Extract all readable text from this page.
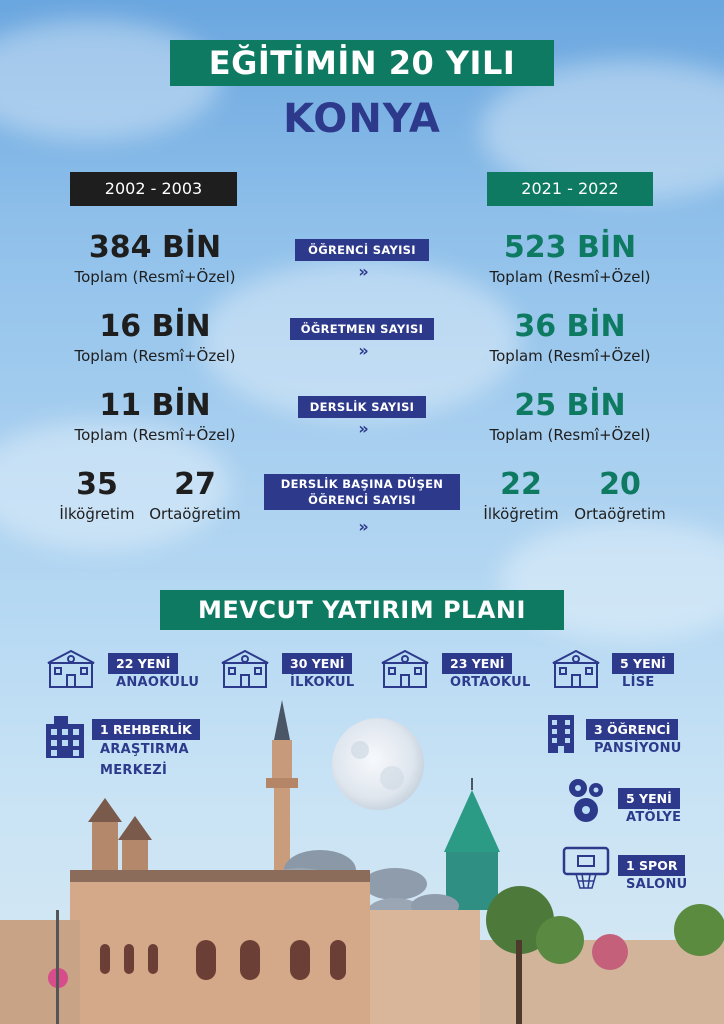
EĞİTİMİN 20 YILI
KONYA
2002 - 2003	2021 - 2022
384 BİN
Toplam (Resmî+Özel)
ÖĞRENCİ SAYISI
»
523 BİN
Toplam (Resmî+Özel)
16 BİN
Toplam (Resmî+Özel)
ÖĞRETMEN SAYISI
»
36 BİN
Toplam (Resmî+Özel)
11 BİN
Toplam (Resmî+Özel)
DERSLİK SAYISI
»
25 BİN
Toplam (Resmî+Özel)
35
İlköğretim
27
Ortaöğretim
DERSLİK BAŞINA DÜŞEN
ÖĞRENCİ SAYISI
»
22
İlköğretim
20
Ortaöğretim
MEVCUT YATIRIM PLANI
22 YENİ
ANAOKULU
30 YENİ
İLKOKUL
23 YENİ
ORTAOKUL
5 YENİ
LİSE
1 REHBERLİK
ARAŞTIRMA
MERKEZİ
3 ÖĞRENCİ
PANSİYONU
5 YENİ
ATÖLYE
1 SPOR
SALONU
